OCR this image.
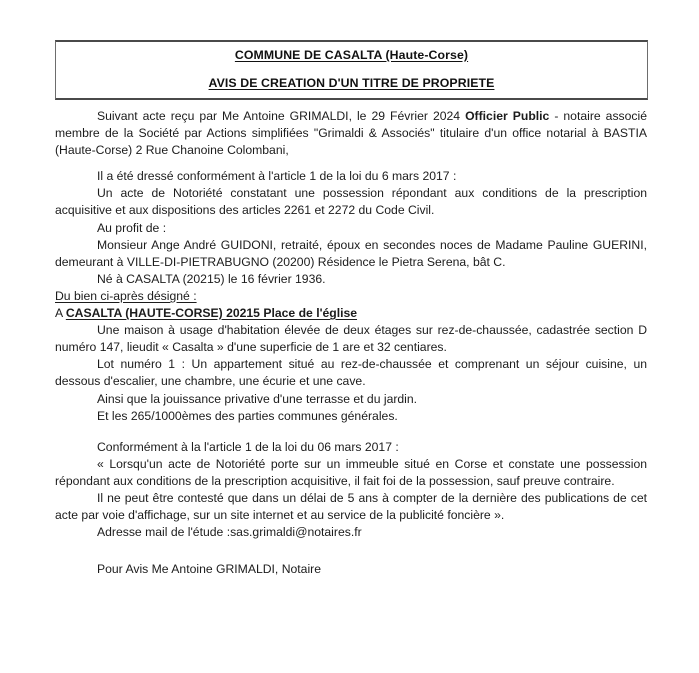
COMMUNE DE CASALTA (Haute-Corse)
AVIS DE CREATION D'UN TITRE DE PROPRIETE

Suivant acte reçu par Me Antoine GRIMALDI, le 29 Février 2024 Officier Public - notaire associé membre de la Société par Actions simplifiées "Grimaldi & Associés" titulaire d'un office notarial à BASTIA (Haute-Corse) 2 Rue Chanoine Colombani,

Il a été dressé conformément à l'article 1 de la loi du 6 mars 2017 :

Un acte de Notoriété constatant une possession répondant aux conditions de la prescription acquisitive et aux dispositions des articles 2261 et 2272 du Code Civil.

Au profit de :

Monsieur Ange André GUIDONI, retraité, époux en secondes noces de Madame Pauline GUERINI, demeurant à VILLE-DI-PIETRABUGNO (20200) Résidence le Pietra Serena, bât C.

Né à CASALTA (20215) le 16 février 1936.

Du bien ci-après désigné :

A CASALTA (HAUTE-CORSE) 20215 Place de l'église

Une maison à usage d'habitation élevée de deux étages sur rez-de-chaussée, cadastrée section D numéro 147, lieudit « Casalta » d'une superficie de 1 are et 32 centiares.

Lot numéro 1 : Un appartement situé au rez-de-chaussée et comprenant un séjour cuisine, un dessous d'escalier, une chambre, une écurie et une cave.

Ainsi que la jouissance privative d'une terrasse et du jardin.

Et les 265/1000èmes des parties communes générales.

Conformément à la l'article 1 de la loi du 06 mars 2017 :

« Lorsqu'un acte de Notoriété porte sur un immeuble situé en Corse et constate une possession répondant aux conditions de la prescription acquisitive, il fait foi de la possession, sauf preuve contraire.

Il ne peut être contesté que dans un délai de 5 ans à compter de la dernière des publications de cet acte par voie d'affichage, sur un site internet et au service de la publicité foncière ».

Adresse mail de l'étude :sas.grimaldi@notaires.fr

Pour Avis Me Antoine GRIMALDI, Notaire
